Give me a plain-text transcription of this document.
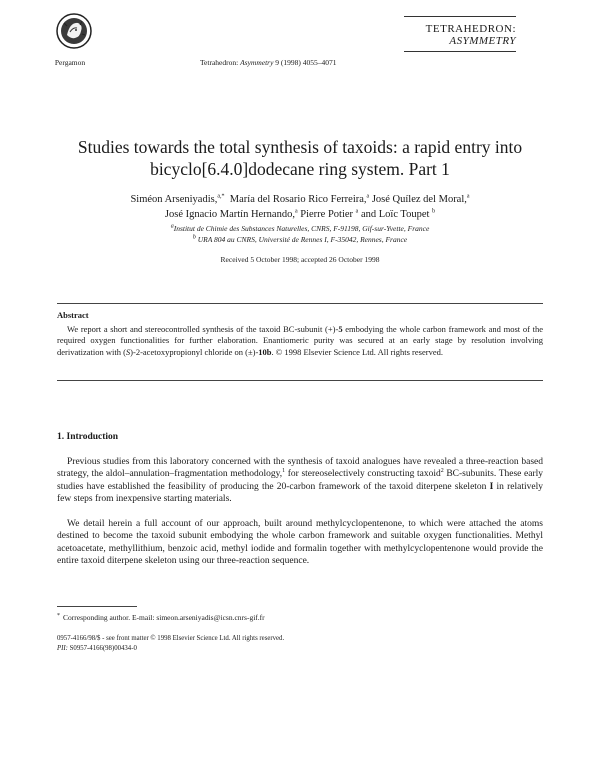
Pergamon	Tetrahedron: Asymmetry 9 (1998) 4055–4071
TETRAHEDRON:
ASYMMETRY
Studies towards the total synthesis of taxoids: a rapid entry into
bicyclo[6.4.0]dodecane ring system. Part 1
Siméon Arseniyadis,$^{a,*}$ María del Rosario Rico Ferreira,$^a$ José Quílez del Moral,$^a$
José Ignacio Martín Hernando,$^a$ Pierre Potier $^a$ and Loïc Toupet $^b$
$^a$Institut de Chimie des Substances Naturelles, CNRS, F-91198, Gif-sur-Yvette, France
$^b$ URA 804 au CNRS, Université de Rennes I, F-35042, Rennes, France
Received 5 October 1998; accepted 26 October 1998
Abstract
We report a short and stereocontrolled synthesis of the taxoid BC-subunit (+)-5 embodying the whole carbon framework and most of the required oxygen functionalities for further elaboration. Enantiomeric purity was secured at an early stage by resolution involving derivatization with (S)-2-acetoxypropionyl chloride on (±)-10b. © 1998 Elsevier Science Ltd. All rights reserved.
1. Introduction
Previous studies from this laboratory concerned with the synthesis of taxoid analogues have revealed a three-reaction based strategy, the aldol–annulation–fragmentation methodology,$^1$ for stereoselectively constructing taxoid$^2$ BC-subunits. These early studies have established the feasibility of producing the 20-carbon framework of the taxoid diterpene skeleton I in relatively few steps from inexpensive starting materials.
We detail herein a full account of our approach, built around methylcyclopentenone, to which were attached the atoms destined to become the taxoid subunit embodying the whole carbon framework and suitable oxygen functionalities. Methyl acetoacetate, methyllithium, benzoic acid, methyl iodide and formalin together with methylcyclopentenone would provide the entire taxoid diterpene skeleton using our three-reaction sequence.
* Corresponding author. E-mail: simeon.arseniyadis@icsn.cnrs-gif.fr
0957-4166/98/$ - see front matter © 1998 Elsevier Science Ltd. All rights reserved.
PII: S0957-4166(98)00434-0
